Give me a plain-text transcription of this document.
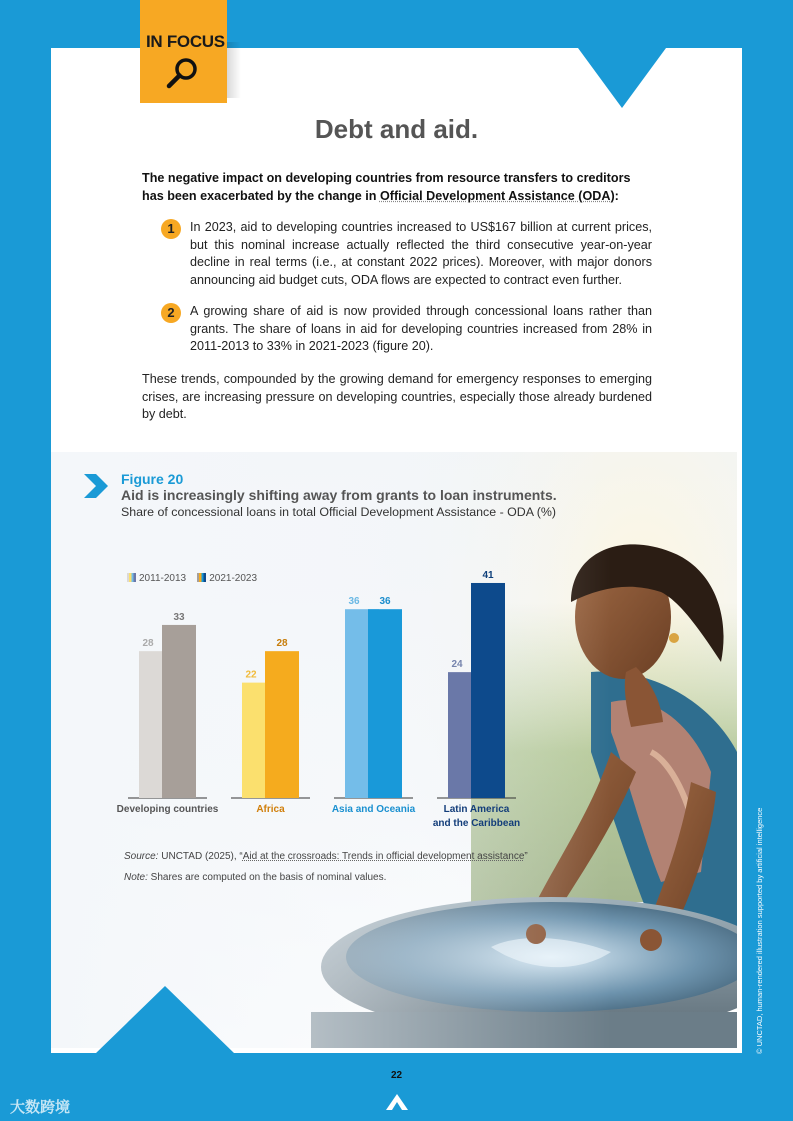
IN FOCUS
Debt and aid.
The negative impact on developing countries from resource transfers to creditors has been exacerbated by the change in Official Development Assistance (ODA):
1	In 2023, aid to developing countries increased to US$167 billion at current prices, but this nominal increase actually reflected the third consecutive year-on-year decline in real terms (i.e., at constant 2022 prices). Moreover, with major donors announcing aid budget cuts, ODA flows are expected to contract even further.
2	A growing share of aid is now provided through concessional loans rather than grants. The share of loans in aid for developing countries increased from 28% in 2011-2013 to 33% in 2021-2023 (figure 20).
These trends, compounded by the growing demand for emergency responses to emerging crises, are increasing pressure on developing countries, especially those already burdened by debt.
Figure 20
Aid is increasingly shifting away from grants to loan instruments.
Share of concessional loans in total Official Development Assistance - ODA (%)
2011-2013 2021-2023
28
33
Developing countries
22
28
Africa
36 36
Asia and Oceania
24
41
Latin America
and the Caribbean
Source: UNCTAD (2025), “Aid at the crossroads: Trends in official development assistance”
Note: Shares are computed on the basis of nominal values.	© UNCTAD, human-rendered illustration supported by artificial intelligence
22
大数跨境
